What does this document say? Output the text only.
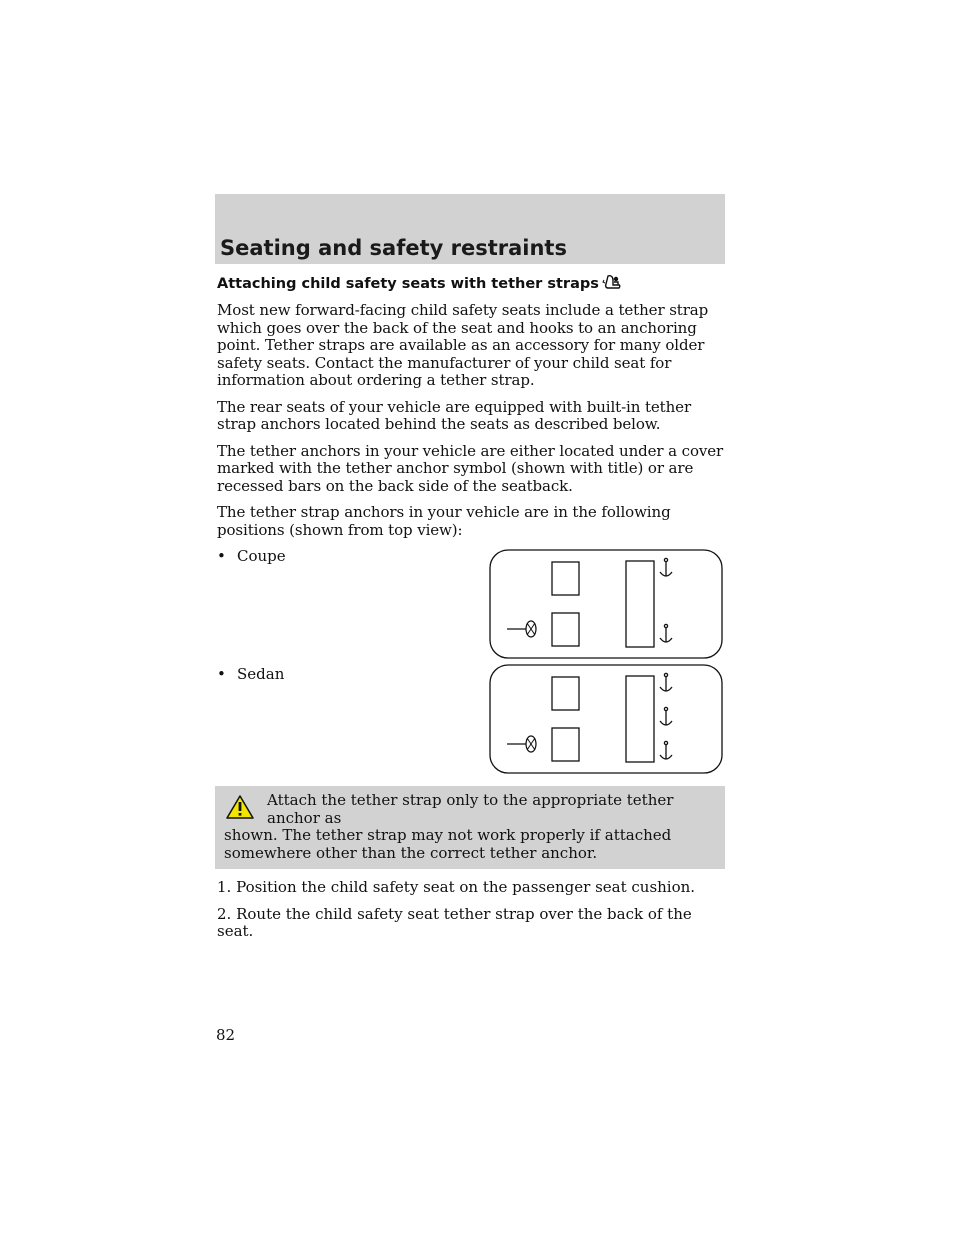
Seating and safety restraints
Attaching child safety seats with tether straps

Most new forward-facing child safety seats include a tether strap which goes over the back of the seat and hooks to an anchoring point. Tether straps are available as an accessory for many older safety seats. Contact the manufacturer of your child seat for information about ordering a tether strap.

The rear seats of your vehicle are equipped with built-in tether strap anchors located behind the seats as described below.

The tether anchors in your vehicle are either located under a cover marked with the tether anchor symbol (shown with title) or are recessed bars on the back side of the seatback.

The tether strap anchors in your vehicle are in the following positions (shown from top view):

• Coupe
• Sedan
Attach the tether strap only to the appropriate tether anchor as
shown. The tether strap may not work properly if attached somewhere other than the correct tether anchor.

1. Position the child safety seat on the passenger seat cushion.

2. Route the child safety seat tether strap over the back of the seat.

82
